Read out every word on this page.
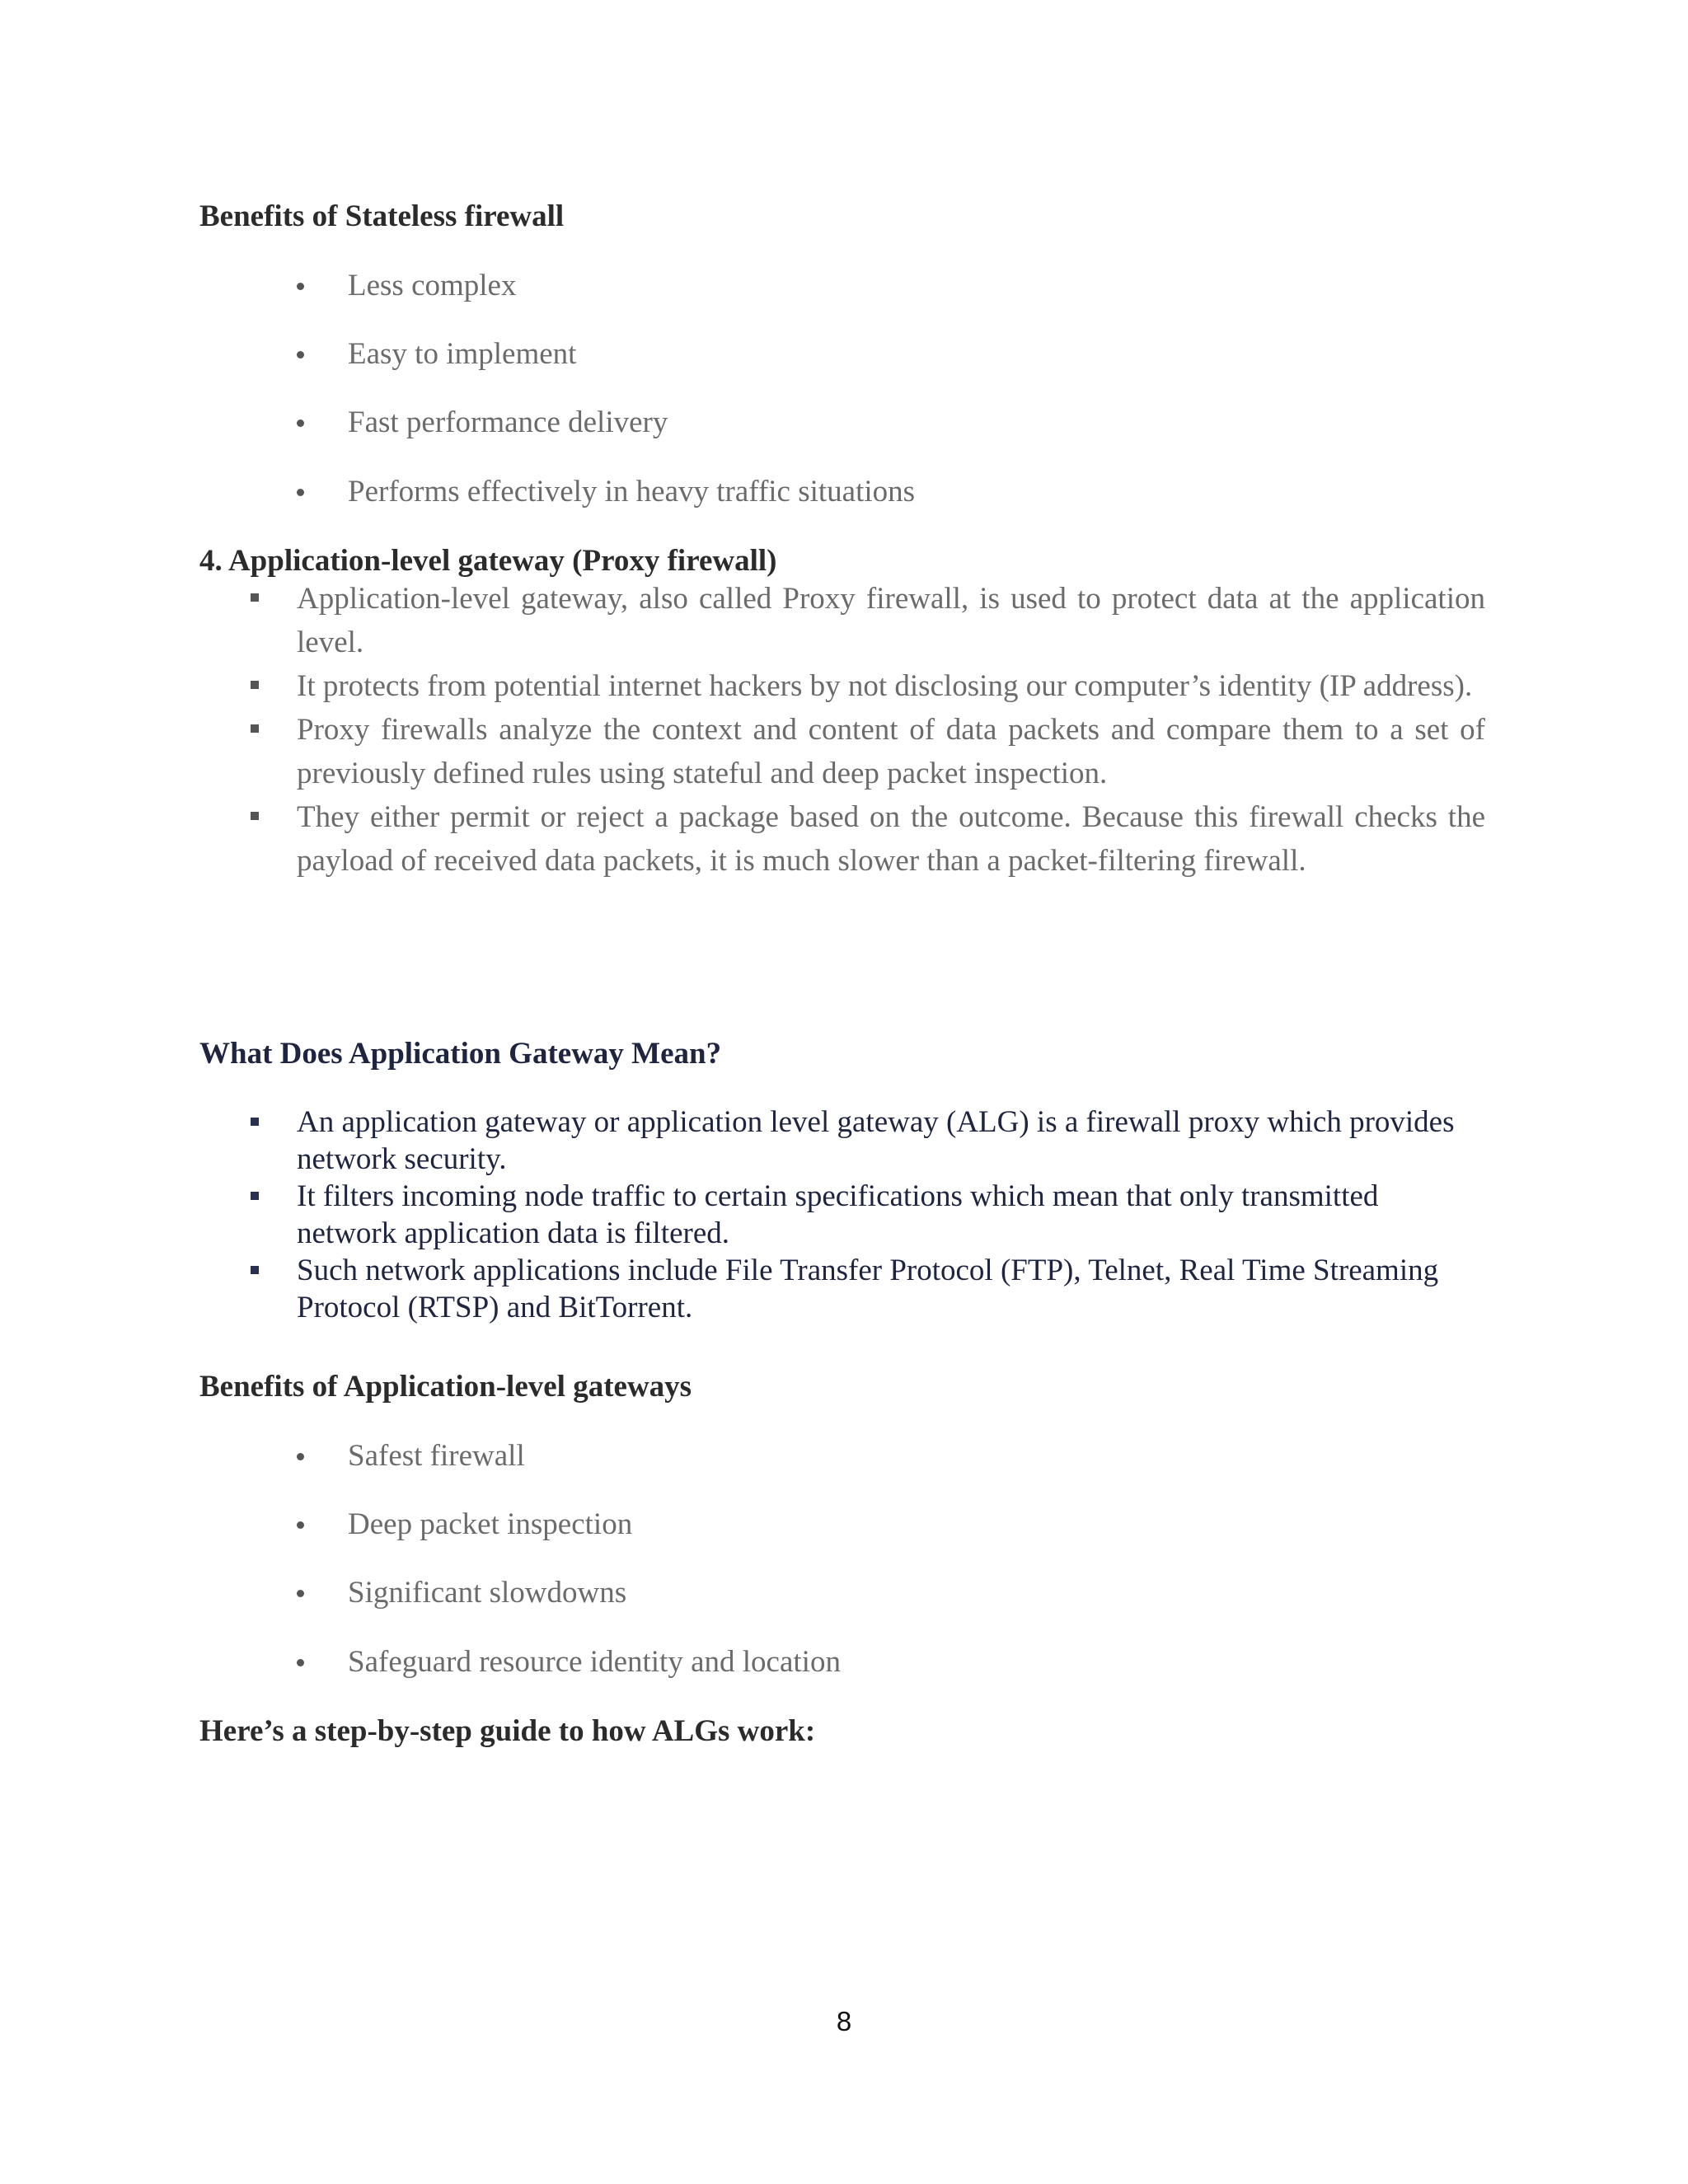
Benefits of Stateless firewall
Less complex
Easy to implement
Fast performance delivery
Performs effectively in heavy traffic situations
4. Application-level gateway (Proxy firewall)
Application-level gateway, also called Proxy firewall, is used to protect data at the application level.
It protects from potential internet hackers by not disclosing our computer’s identity (IP address).
Proxy firewalls analyze the context and content of data packets and compare them to a set of previously defined rules using stateful and deep packet inspection.
They either permit or reject a package based on the outcome. Because this firewall checks the payload of received data packets, it is much slower than a packet-filtering firewall.
What Does Application Gateway Mean?
An application gateway or application level gateway (ALG) is a firewall proxy which provides network security.
It filters incoming node traffic to certain specifications which mean that only transmitted network application data is filtered.
Such network applications include File Transfer Protocol (FTP), Telnet, Real Time Streaming Protocol (RTSP) and BitTorrent.
Benefits of Application-level gateways
Safest firewall
Deep packet inspection
Significant slowdowns
Safeguard resource identity and location
Here’s a step-by-step guide to how ALGs work:
8
